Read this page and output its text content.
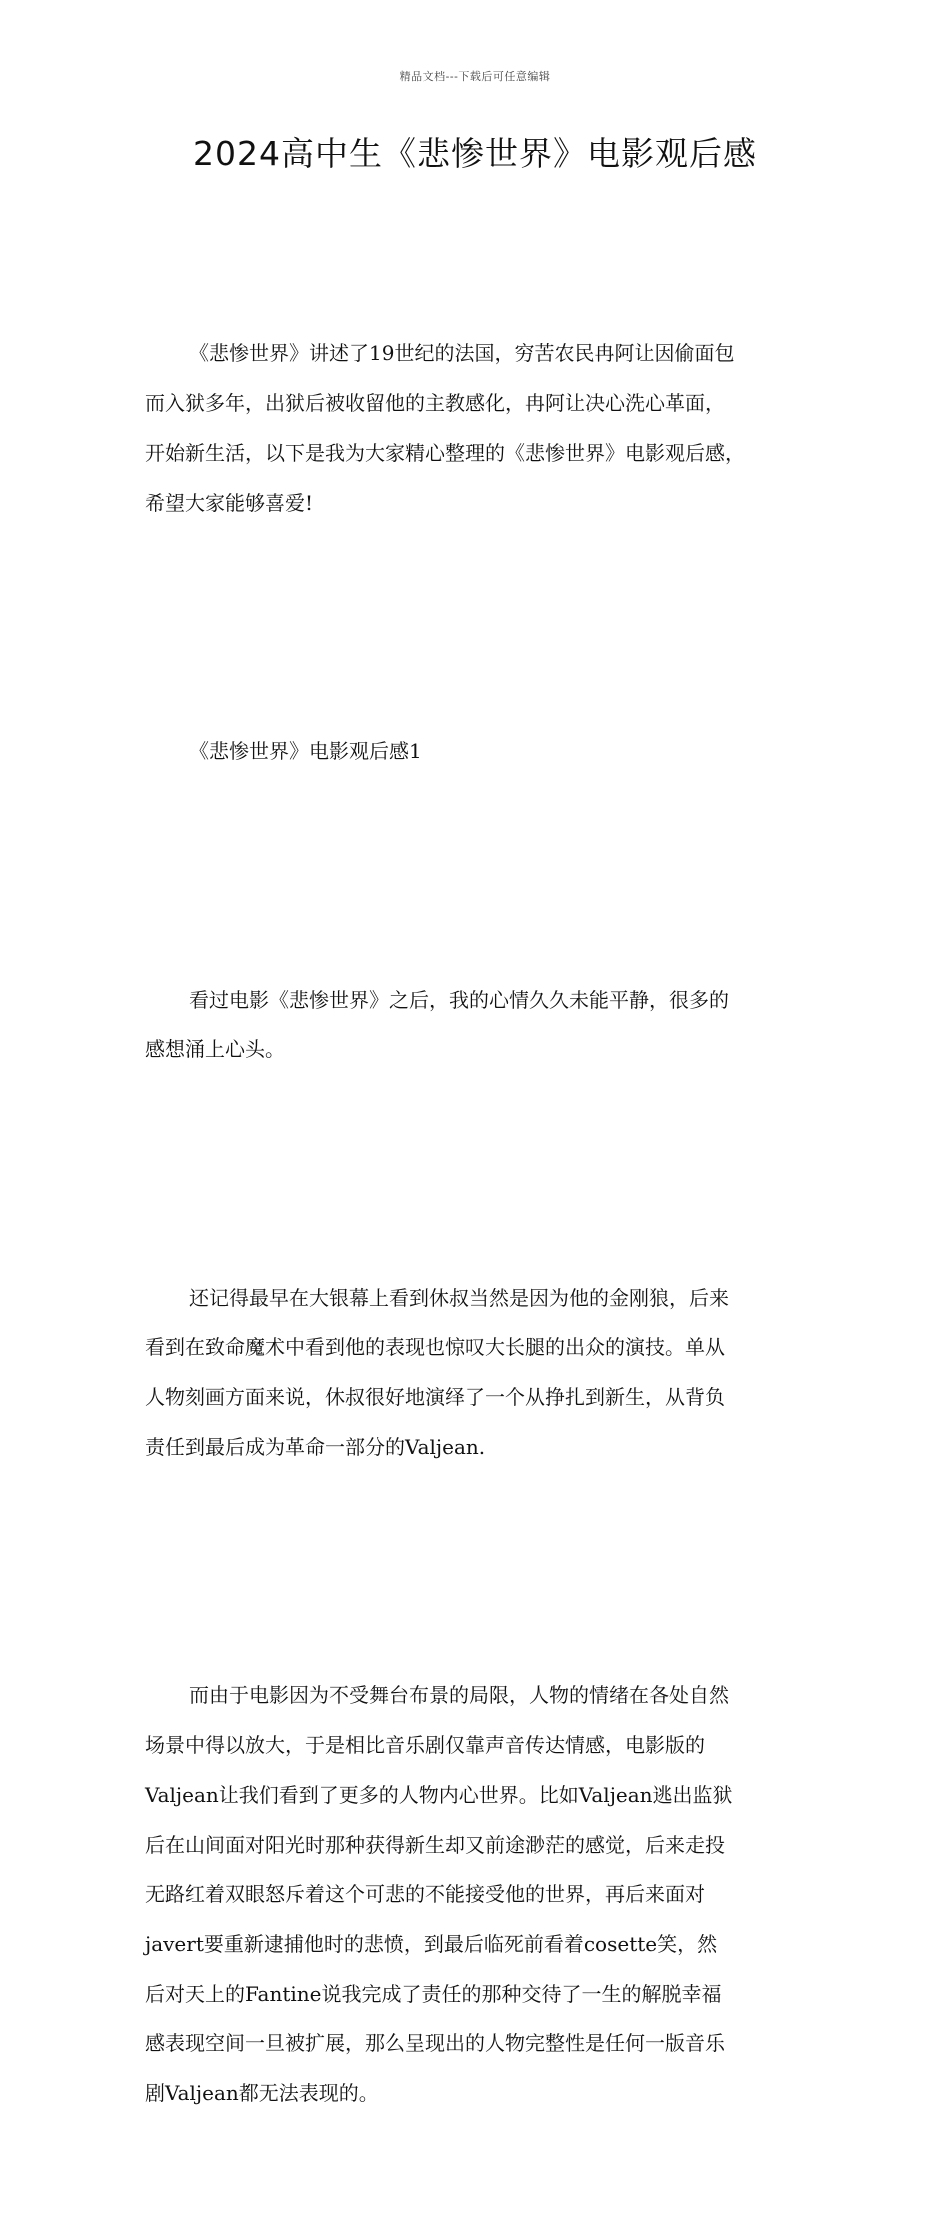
精品文档---下载后可任意编辑
2024高中生《悲惨世界》电影观后感

《悲惨世界》讲述了19世纪的法国，穷苦农民冉阿让因偷面包
而入狱多年，出狱后被收留他的主教感化，冉阿让决心洗心革面，
开始新生活，以下是我为大家精心整理的《悲惨世界》电影观后感，
希望大家能够喜爱!

《悲惨世界》电影观后感1

看过电影《悲惨世界》之后，我的心情久久未能平静，很多的
感想涌上心头。

还记得最早在大银幕上看到休叔当然是因为他的金刚狼，后来
看到在致命魔术中看到他的表现也惊叹大长腿的出众的演技。单从
人物刻画方面来说，休叔很好地演绎了一个从挣扎到新生，从背负
责任到最后成为革命一部分的Valjean.

而由于电影因为不受舞台布景的局限，人物的情绪在各处自然
场景中得以放大，于是相比音乐剧仅靠声音传达情感，电影版的
Valjean让我们看到了更多的人物内心世界。比如Valjean逃出监狱
后在山间面对阳光时那种获得新生却又前途渺茫的感觉，后来走投
无路红着双眼怒斥着这个可悲的不能接受他的世界，再后来面对
javert要重新逮捕他时的悲愤，到最后临死前看着cosette笑，然
后对天上的Fantine说我完成了责任的那种交待了一生的解脱幸福
感表现空间一旦被扩展，那么呈现出的人物完整性是任何一版音乐
剧Valjean都无法表现的。
